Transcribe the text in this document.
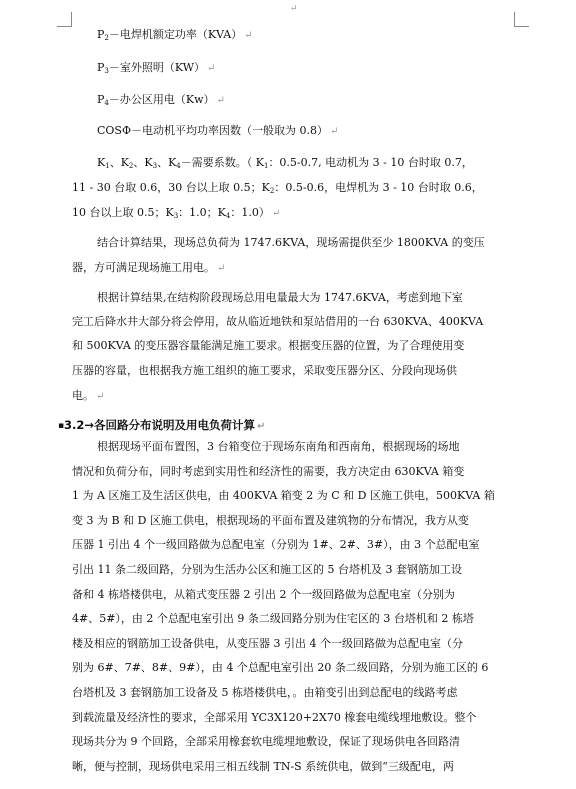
↵
P2－电焊机额定功率（KVA） ↵
P3－室外照明（KW） ↵
P4－办公区用电（Kw） ↵
COSΦ－电动机平均功率因数（一般取为 0.8） ↵
K1、K2、K3、K4－需要系数。（ K1：0.5-0.7, 电动机为 3 - 10 台时取 0.7，
11 - 30 台取 0.6，30 台以上取 0.5；K2：0.5-0.6，电焊机为 3 - 10 台时取 0.6，
10 台以上取 0.5；K3：1.0；K4：1.0） ↵
结合计算结果，现场总负荷为 1747.6KVA，现场需提供至少 1800KVA 的变压
器，方可满足现场施工用电。 ↵
根据计算结果,在结构阶段现场总用电量最大为 1747.6KVA，考虑到地下室
完工后降水井大部分将会停用，故从临近地铁和泵站借用的一台 630KVA、400KVA
和 500KVA 的变压器容量能满足施工要求。根据变压器的位置，为了合理使用变
压器的容量，也根据我方施工组织的施工要求，采取变压器分区、分段向现场供
电。 ↵
▪ 3.2→各回路分布说明及用电负荷计算 ↵
根据现场平面布置图，3 台箱变位于现场东南角和西南角，根据现场的场地
情况和负荷分布，同时考虑到实用性和经济性的需要，我方决定由 630KVA 箱变
1 为 A 区施工及生活区供电，由 400KVA 箱变 2 为 C 和 D 区施工供电，500KVA 箱
变 3 为 B 和 D 区施工供电，根据现场的平面布置及建筑物的分布情况，我方从变
压器 1 引出 4 个一级回路做为总配电室（分别为 1#、2#、3#），由 3 个总配电室
引出 11 条二级回路，分别为生活办公区和施工区的 5 台塔机及 3 套钢筋加工设
备和 4 栋塔楼供电，从箱式变压器 2 引出 2 个一级回路做为总配电室（分别为
4#、5#），由 2 个总配电室引出 9 条二级回路分别为住宅区的 3 台塔机和 2 栋塔
楼及相应的钢筋加工设备供电，从变压器 3 引出 4 个一级回路做为总配电室（分
别为 6#、7#、8#、9#），由 4 个总配电室引出 20 条二级回路，分别为施工区的 6
台塔机及 3 套钢筋加工设备及 5 栋塔楼供电，。由箱变引出到总配电的线路考虑
到载流量及经济性的要求，全部采用 YC3X120+2X70 橡套电缆线埋地敷设。整个
现场共分为 9 个回路，全部采用橡套软电缆埋地敷设，保证了现场供电各回路清
晰，便与控制，现场供电采用三相五线制 TN-S 系统供电，做到“三级配电，两
